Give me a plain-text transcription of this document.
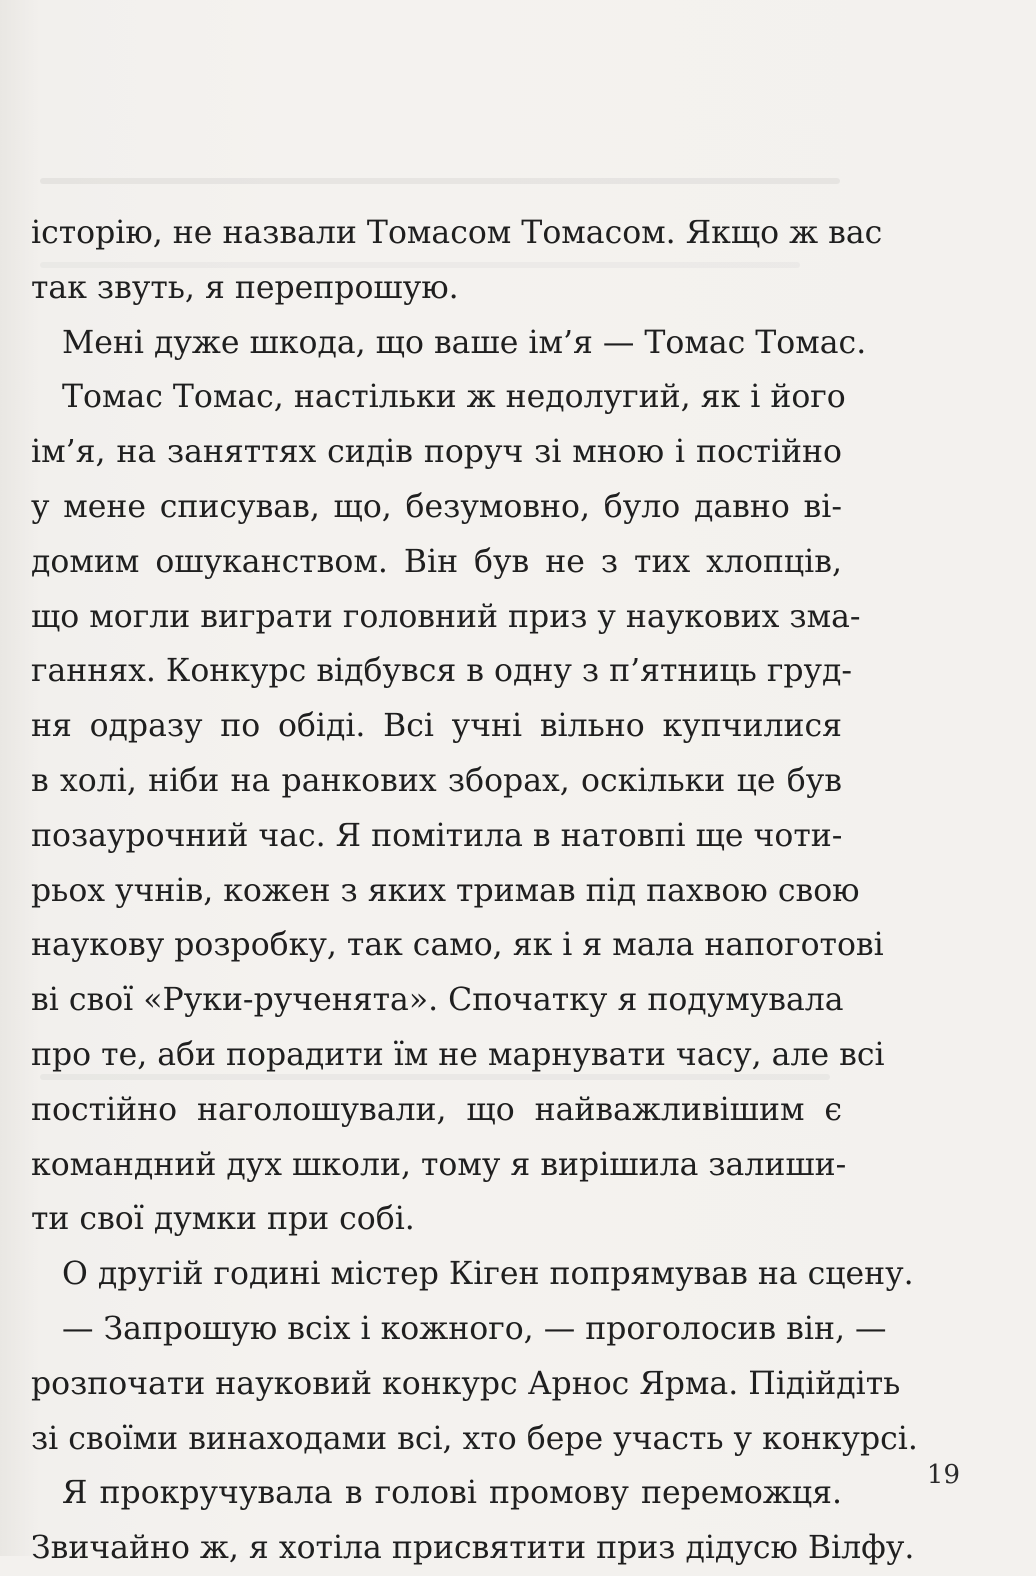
історію, не назвали Томасом Томасом. Якщо ж вас
так звуть, я перепрошую.
Мені дуже шкода, що ваше ім’я — Томас Томас.
Томас Томас, настільки ж недолугий, як і його
ім’я, на заняттях сидів поруч зі мною і постійно
у мене списував, що, безумовно, було давно ві-
домим ошуканством. Він був не з тих хлопців,
що могли виграти головний приз у наукових зма-
ганнях. Конкурс відбувся в одну з п’ятниць груд-
ня одразу по обіді. Всі учні вільно купчилися
в холі, ніби на ранкових зборах, оскільки це був
позаурочний час. Я помітила в натовпі ще чоти-
рьох учнів, кожен з яких тримав під пахвою свою
наукову розробку, так само, як і я мала напоготові
ві свої «Руки-рученята». Спочатку я подумувала
про те, аби порадити їм не марнувати часу, але всі
постійно наголошували, що найважливішим є
командний дух школи, тому я вирішила залиши-
ти свої думки при собі.
О другій годині містер Кіген попрямував на сцену.
— Запрошую всіх і кожного, — проголосив він, —
розпочати науковий конкурс Арнос Ярма. Підійдіть
зі своїми винаходами всі, хто бере участь у конкурсі.
Я прокручувала в голові промову переможця.
Звичайно ж, я хотіла присвятити приз дідусю Вілфу.
19
